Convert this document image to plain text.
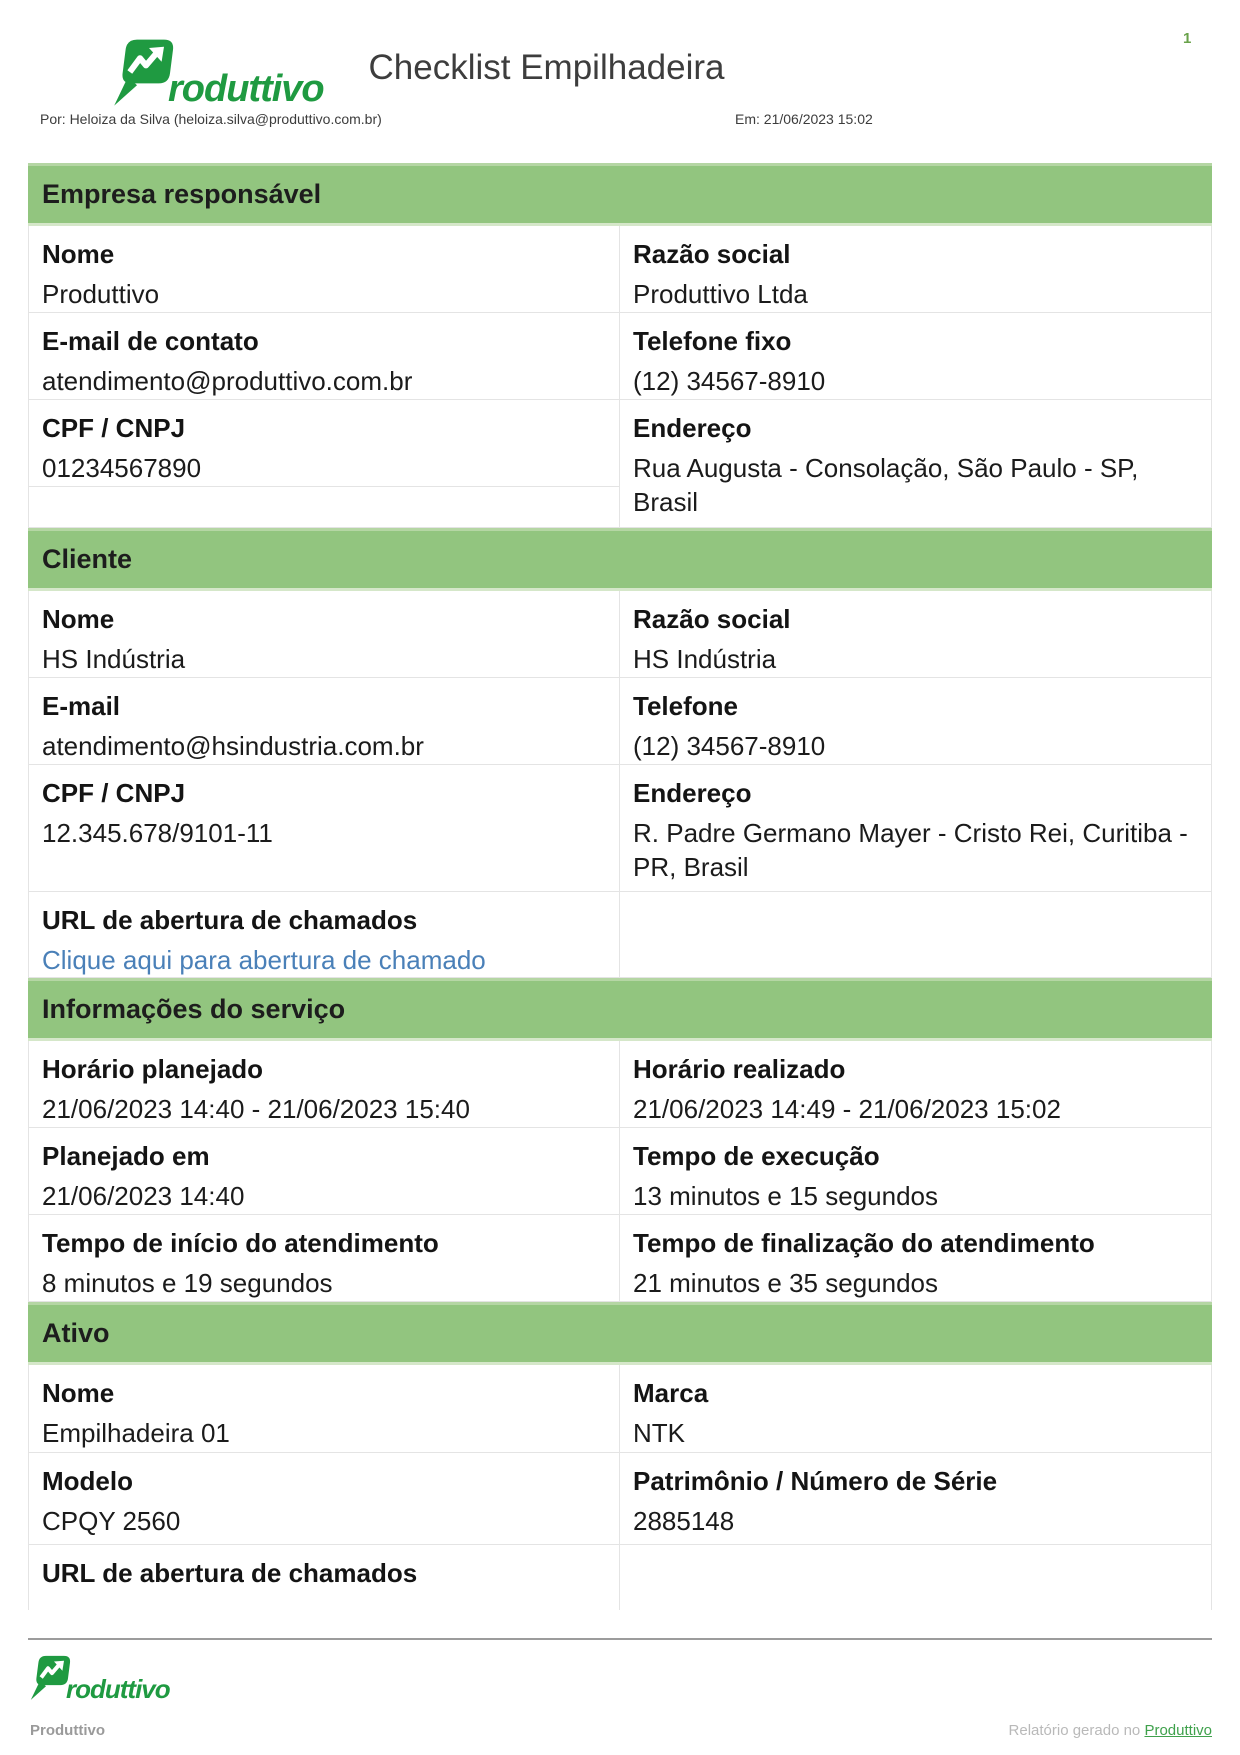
roduttivo
Checklist Empilhadeira
1
Por: Heloiza da Silva (heloiza.silva@produttivo.com.br)	Em: 21/06/2023 15:02
Empresa responsável
Nome
Produttivo
E-mail de contato
atendimento@produttivo.com.br
CPF / CNPJ
01234567890
Razão social
Produttivo Ltda
Telefone fixo
(12) 34567-8910
Endereço
Rua Augusta - Consolação, São Paulo - SP, Brasil
Cliente
Nome
HS Indústria
E-mail
atendimento@hsindustria.com.br
CPF / CNPJ
12.345.678/9101-11
URL de abertura de chamados
Clique aqui para abertura de chamado
Razão social
HS Indústria
Telefone
(12) 34567-8910
Endereço
R. Padre Germano Mayer - Cristo Rei, Curitiba - PR, Brasil
Informações do serviço
Horário planejado
21/06/2023 14:40 - 21/06/2023 15:40
Planejado em
21/06/2023 14:40
Tempo de início do atendimento
8 minutos e 19 segundos
Horário realizado
21/06/2023 14:49 - 21/06/2023 15:02
Tempo de execução
13 minutos e 15 segundos
Tempo de finalização do atendimento
21 minutos e 35 segundos
Ativo
Nome
Empilhadeira 01
Modelo
CPQY 2560
URL de abertura de chamados
Marca
NTK
Patrimônio / Número de Série
2885148
roduttivo
Produttivo	Relatório gerado no Produttivo
